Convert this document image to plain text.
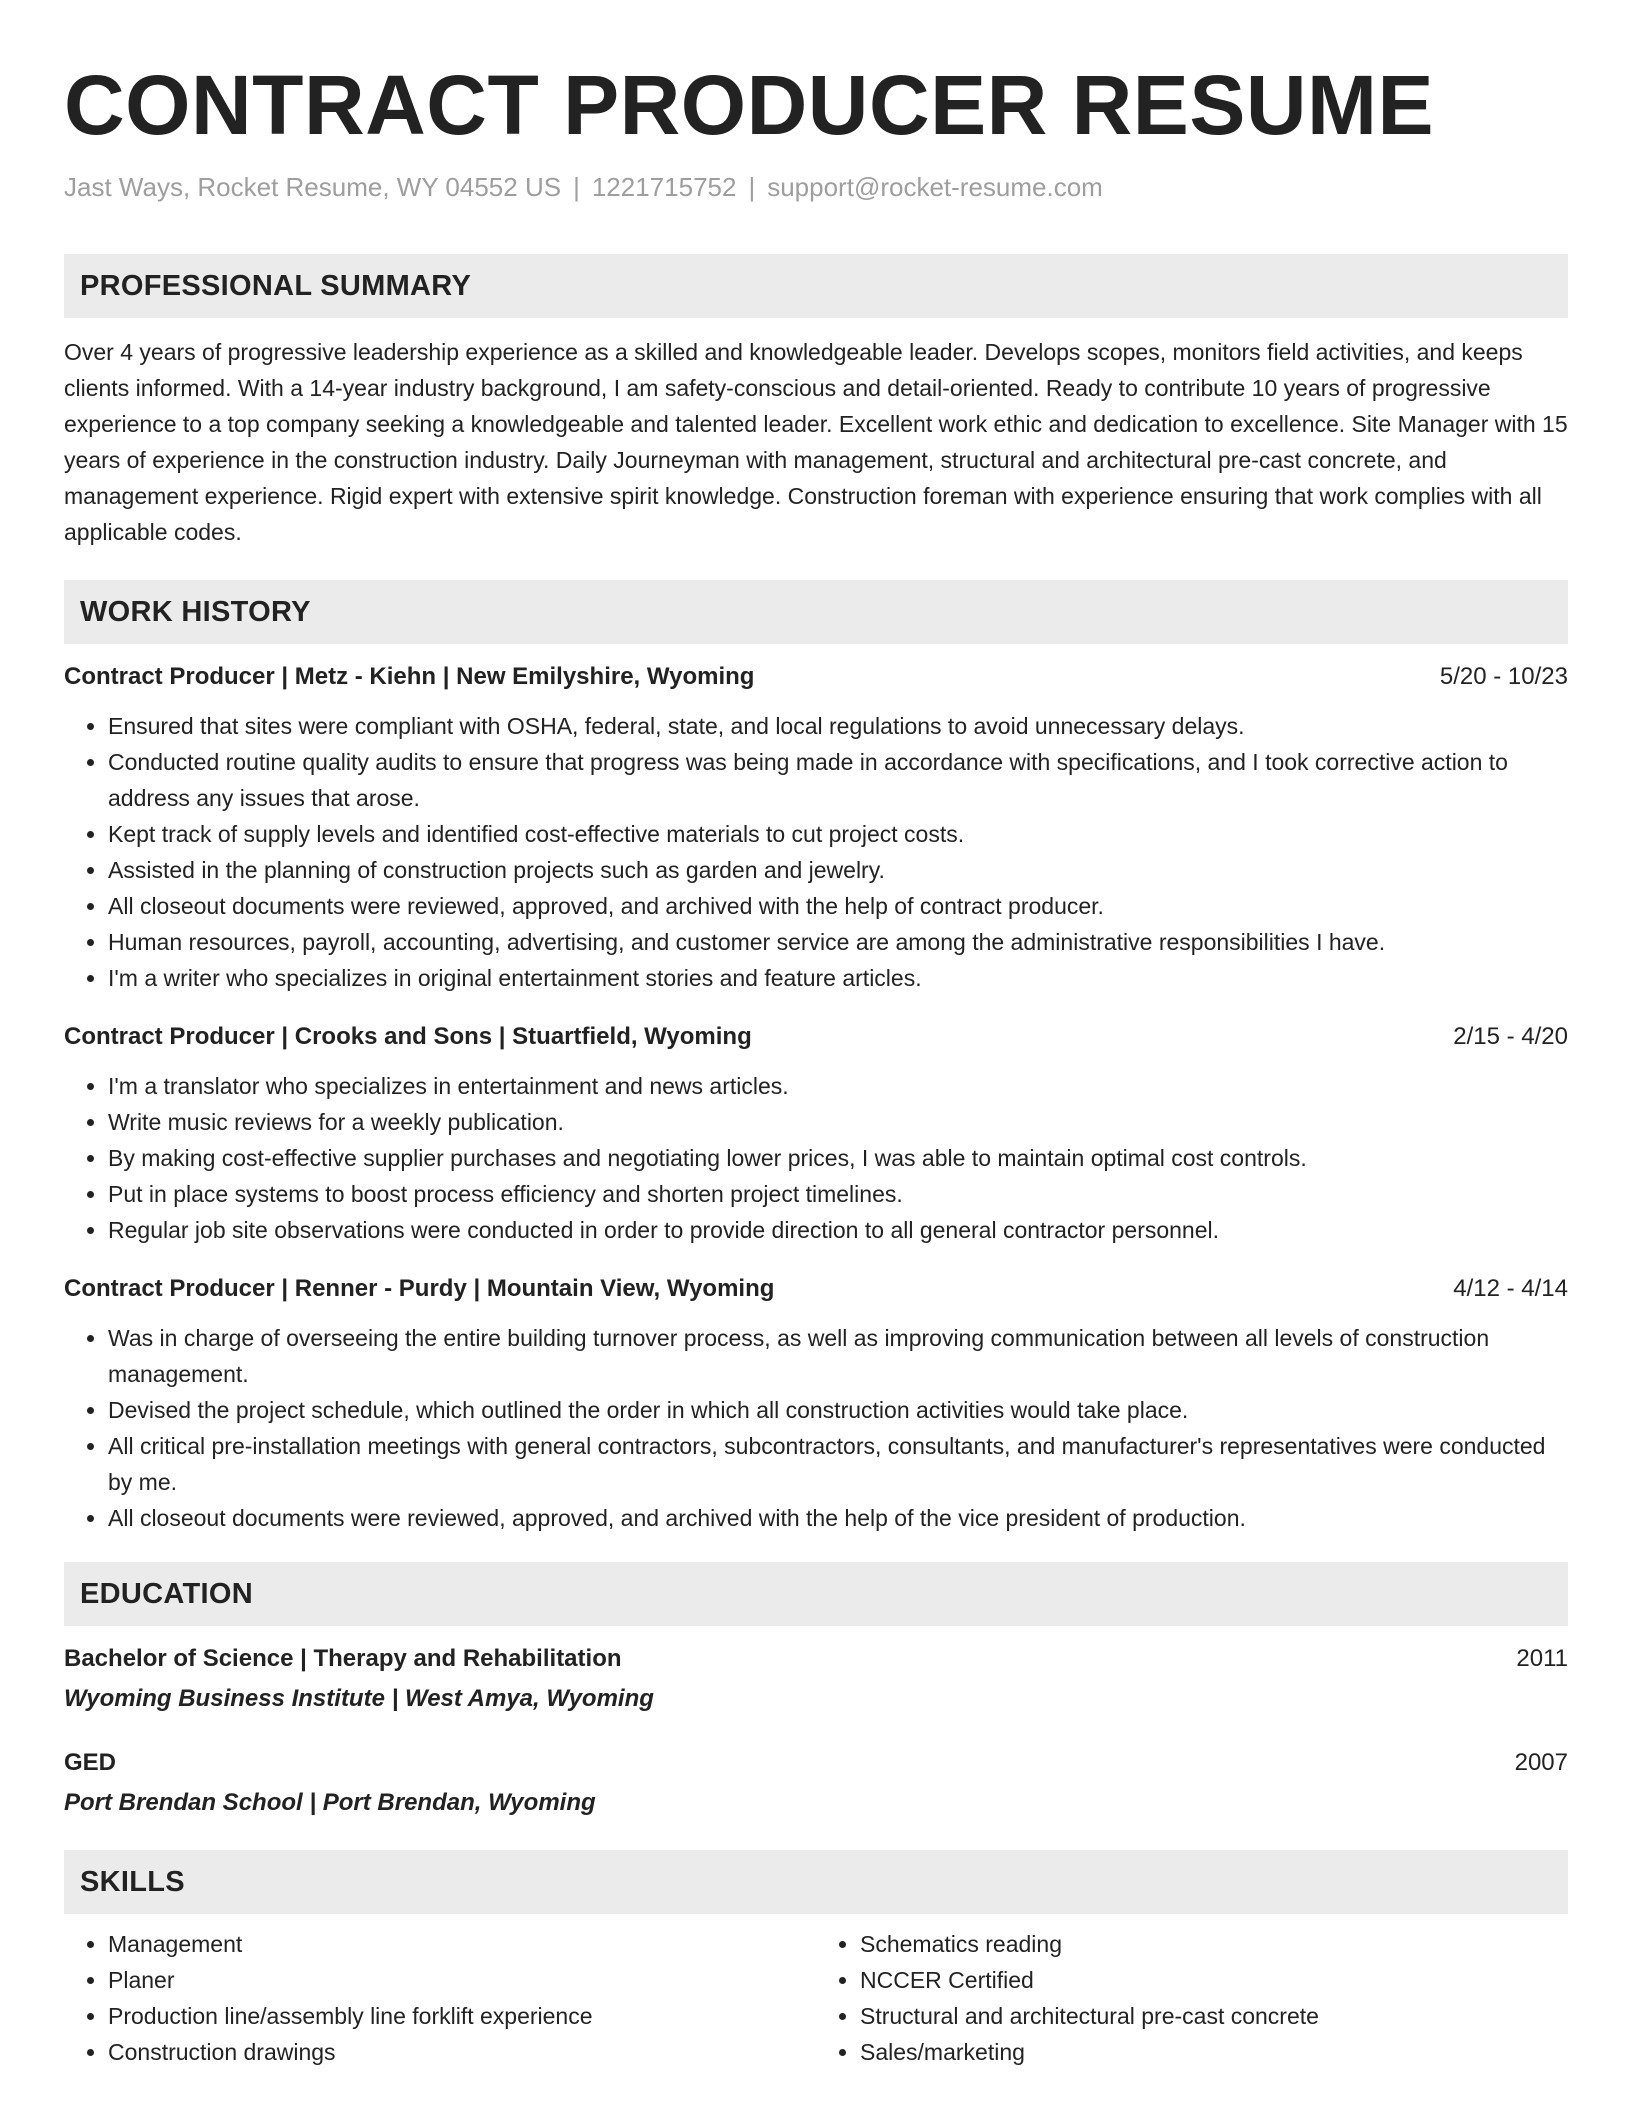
CONTRACT PRODUCER RESUME
Jast Ways, Rocket Resume, WY 04552 US | 1221715752 | support@rocket-resume.com
PROFESSIONAL SUMMARY

Over 4 years of progressive leadership experience as a skilled and knowledgeable leader. Develops scopes, monitors field activities, and keeps clients informed. With a 14-year industry background, I am safety-conscious and detail-oriented. Ready to contribute 10 years of progressive experience to a top company seeking a knowledgeable and talented leader. Excellent work ethic and dedication to excellence. Site Manager with 15 years of experience in the construction industry. Daily Journeyman with management, structural and architectural pre-cast concrete, and management experience. Rigid expert with extensive spirit knowledge. Construction foreman with experience ensuring that work complies with all applicable codes.

WORK HISTORY
Contract Producer | Metz - Kiehn | New Emilyshire, Wyoming	5/20 - 10/23
• Ensured that sites were compliant with OSHA, federal, state, and local regulations to avoid unnecessary delays.
• Conducted routine quality audits to ensure that progress was being made in accordance with specifications, and I took corrective action to address any issues that arose.
• Kept track of supply levels and identified cost-effective materials to cut project costs.
• Assisted in the planning of construction projects such as garden and jewelry.
• All closeout documents were reviewed, approved, and archived with the help of contract producer.
• Human resources, payroll, accounting, advertising, and customer service are among the administrative responsibilities I have.
• I'm a writer who specializes in original entertainment stories and feature articles.
Contract Producer | Crooks and Sons | Stuartfield, Wyoming	2/15 - 4/20
• I'm a translator who specializes in entertainment and news articles.
• Write music reviews for a weekly publication.
• By making cost-effective supplier purchases and negotiating lower prices, I was able to maintain optimal cost controls.
• Put in place systems to boost process efficiency and shorten project timelines.
• Regular job site observations were conducted in order to provide direction to all general contractor personnel.
Contract Producer | Renner - Purdy | Mountain View, Wyoming	4/12 - 4/14
• Was in charge of overseeing the entire building turnover process, as well as improving communication between all levels of construction management.
• Devised the project schedule, which outlined the order in which all construction activities would take place.
• All critical pre-installation meetings with general contractors, subcontractors, consultants, and manufacturer's representatives were conducted by me.
• All closeout documents were reviewed, approved, and archived with the help of the vice president of production.
EDUCATION
Bachelor of Science | Therapy and Rehabilitation	2011
Wyoming Business Institute | West Amya, Wyoming
GED	2007
Port Brendan School | Port Brendan, Wyoming
SKILLS
• Management
• Planer
• Production line/assembly line forklift experience
• Construction drawings
• Schematics reading
• NCCER Certified
• Structural and architectural pre-cast concrete
• Sales/marketing
